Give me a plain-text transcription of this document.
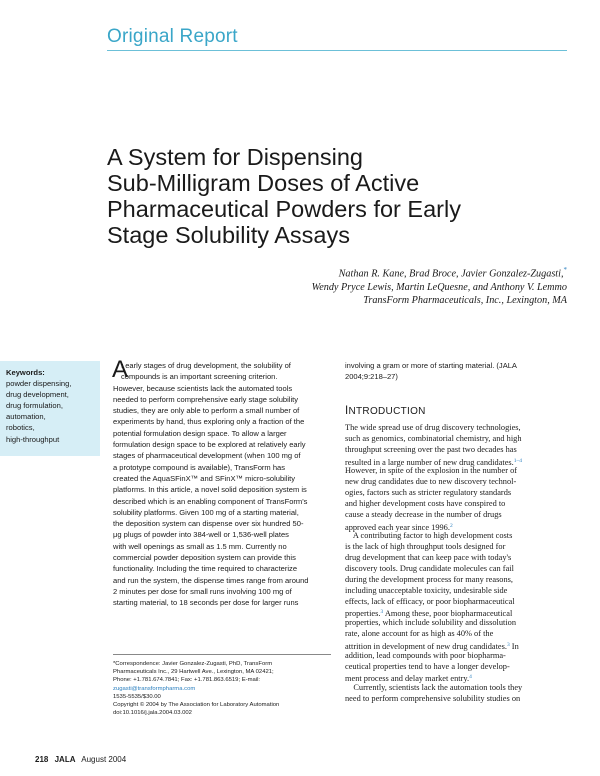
Original Report
A System for Dispensing
Sub-Milligram Doses of Active
Pharmaceutical Powders for Early
Stage Solubility Assays
Nathan R. Kane, Brad Broce, Javier Gonzalez-Zugasti,*
Wendy Pryce Lewis, Martin LeQuesne, and Anthony V. Lemmo
TransForm Pharmaceuticals, Inc., Lexington, MA
Keywords:
powder dispensing,
drug development,
drug formulation,
automation,
robotics,
high-throughput
A
t early stages of drug development, the solubility of
compounds is an important screening criterion.
However, because scientists lack the automated tools
needed to perform comprehensive early stage solubility
studies, they are only able to perform a small number of
experiments by hand, thus exploring only a fraction of the
potential formulation design space. To allow a larger
formulation design space to be explored at relatively early
stages of pharmaceutical development (when 100 mg of
a prototype compound is available), TransForm has
created the AquaSFinX™ and SFinX™ micro-solubility
platforms. In this article, a novel solid deposition system is
described which is an enabling component of TransForm's
solubility platforms. Given 100 mg of a starting material,
the deposition system can dispense over six hundred 50-
μg plugs of powder into 384-well or 1,536-well plates
with well openings as small as 1.5 mm. Currently no
commercial powder deposition system can provide this
functionality. Including the time required to characterize
and run the system, the dispense times range from around
2 minutes per dose for small runs involving 100 mg of
starting material, to 18 seconds per dose for larger runs
*Correspondence: Javier Gonzalez-Zugasti, PhD, TransForm
Pharmaceuticals Inc., 29 Hartwell Ave., Lexington, MA 02421;
Phone: +1.781.674.7841; Fax: +1.781.863.6519; E-mail:
zugasti@transformpharma.com
1535-5535/$30.00
Copyright © 2004 by The Association for Laboratory Automation
doi:10.1016/j.jala.2004.03.002
involving a gram or more of starting material. (JALA
2004;9:218–27)
INTRODUCTION
The wide spread use of drug discovery technologies,
such as genomics, combinatorial chemistry, and high
throughput screening over the past two decades has
resulted in a large number of new drug candidates.$^{1-4}$
However, in spite of the explosion in the number of
new drug candidates due to new discovery technol-
ogies, factors such as stricter regulatory standards
and higher development costs have conspired to
cause a steady decrease in the number of drugs
approved each year since 1996.$^2$
A contributing factor to high development costs
is the lack of high throughput tools designed for
drug development that can keep pace with today's
discovery tools. Drug candidate molecules can fail
during the development process for many reasons,
including unacceptable toxicity, undesirable side
effects, lack of efficacy, or poor biopharmaceutical
properties.$^3$ Among these, poor biopharmaceutical
properties, which include solubility and dissolution
rate, alone account for as high as 40% of the
attrition in development of new drug candidates.$^3$ In
addition, lead compounds with poor biopharma-
ceutical properties tend to have a longer develop-
ment process and delay market entry.$^4$
Currently, scientists lack the automation tools they
need to perform comprehensive solubility studies on
218 JALA August 2004
